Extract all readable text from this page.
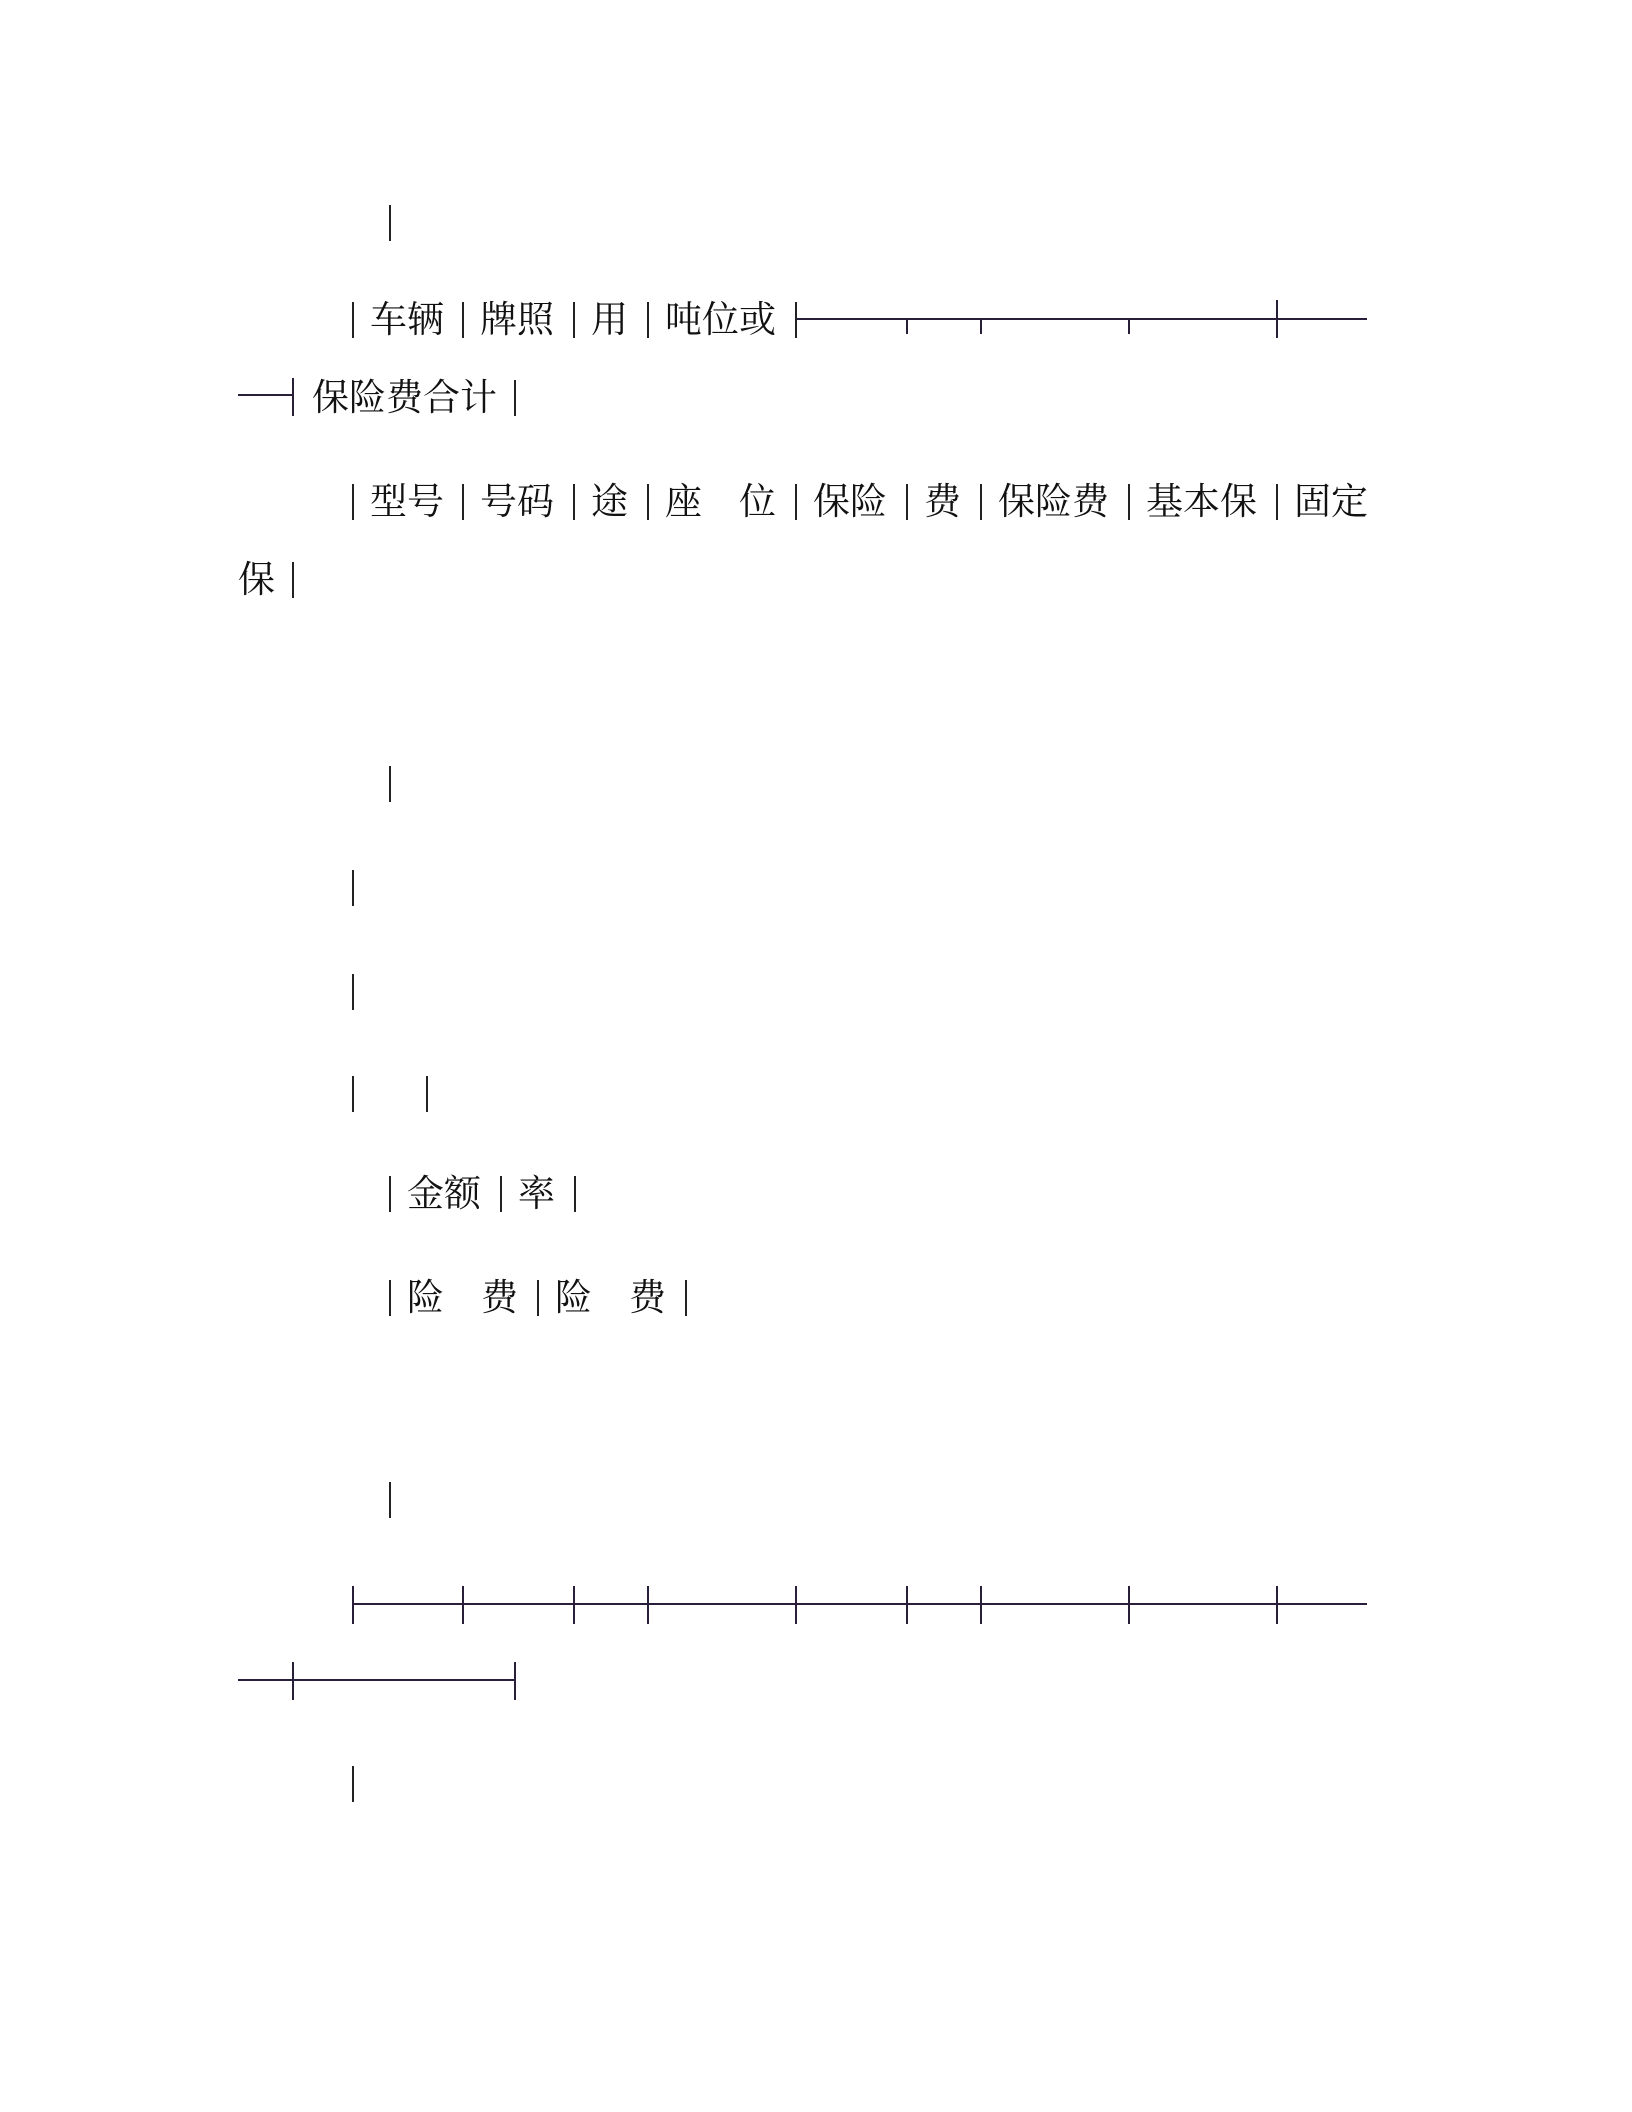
车辆 牌照 用 吨位或
保险费合计
型号 号码 途 座　位 保险 费 保险费 基本保 固定
保
金额 率
险　费 险　费
